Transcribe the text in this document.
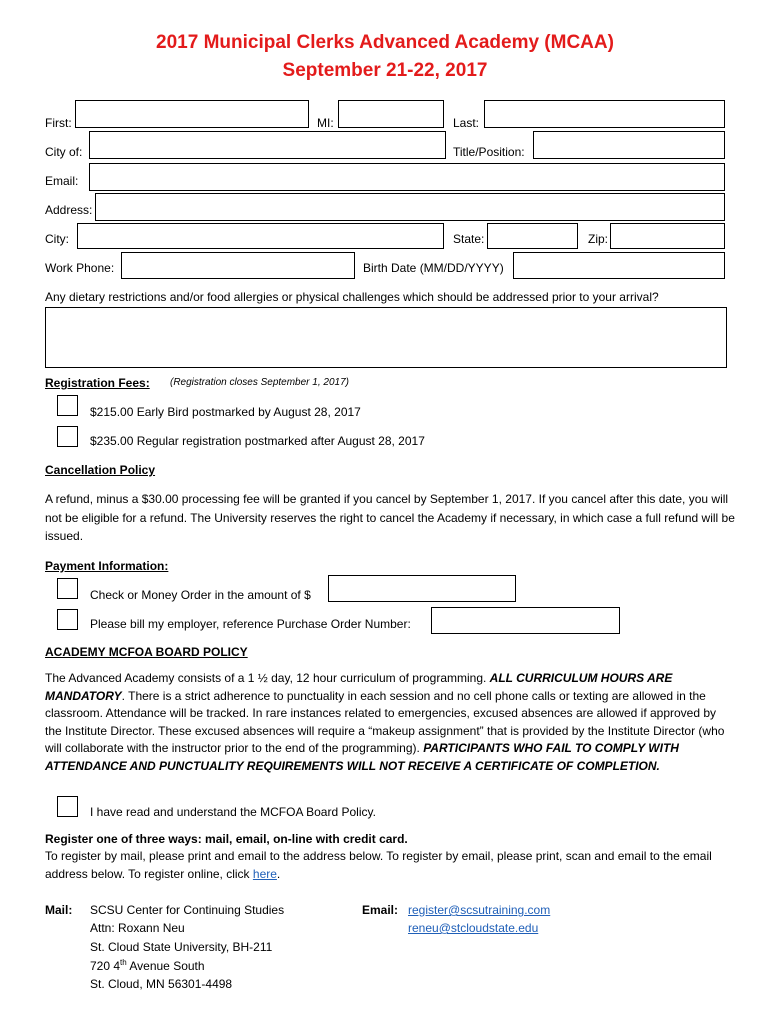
2017 Municipal Clerks Advanced Academy (MCAA)
September 21-22, 2017
First:	MI:	Last:
City of:	Title/Position:
Email:
Address:
City:	State:	Zip:
Work Phone:	Birth Date (MM/DD/YYYY)
Any dietary restrictions and/or food allergies or physical challenges which should be addressed prior to your arrival?
Registration Fees: (Registration closes September 1, 2017)
$215.00 Early Bird postmarked by August 28, 2017
$235.00 Regular registration postmarked after August 28, 2017
Cancellation Policy
A refund, minus a $30.00 processing fee will be granted if you cancel by September 1, 2017. If you cancel after this date, you will not be eligible for a refund. The University reserves the right to cancel the Academy if necessary, in which case a full refund will be issued.
Payment Information:
Check or Money Order in the amount of $
Please bill my employer, reference Purchase Order Number:
ACADEMY MCFOA BOARD POLICY
The Advanced Academy consists of a 1 ½ day, 12 hour curriculum of programming. ALL CURRICULUM HOURS ARE MANDATORY. There is a strict adherence to punctuality in each session and no cell phone calls or texting are allowed in the classroom. Attendance will be tracked. In rare instances related to emergencies, excused absences are allowed if approved by the Institute Director. These excused absences will require a “makeup assignment” that is provided by the Institute Director (who will collaborate with the instructor prior to the end of the programming). PARTICIPANTS WHO FAIL TO COMPLY WITH ATTENDANCE AND PUNCTUALITY REQUIREMENTS WILL NOT RECEIVE A CERTIFICATE OF COMPLETION.
I have read and understand the MCFOA Board Policy.
Register one of three ways: mail, email, on-line with credit card.
To register by mail, please print and email to the address below. To register by email, please print, scan and email to the email address below. To register online, click here.
Mail: SCSU Center for Continuing Studies
Attn: Roxann Neu
St. Cloud State University, BH-211
720 4th Avenue South
St. Cloud, MN 56301-4498
Email: register@scsutraining.com
reneu@stcloudstate.edu
